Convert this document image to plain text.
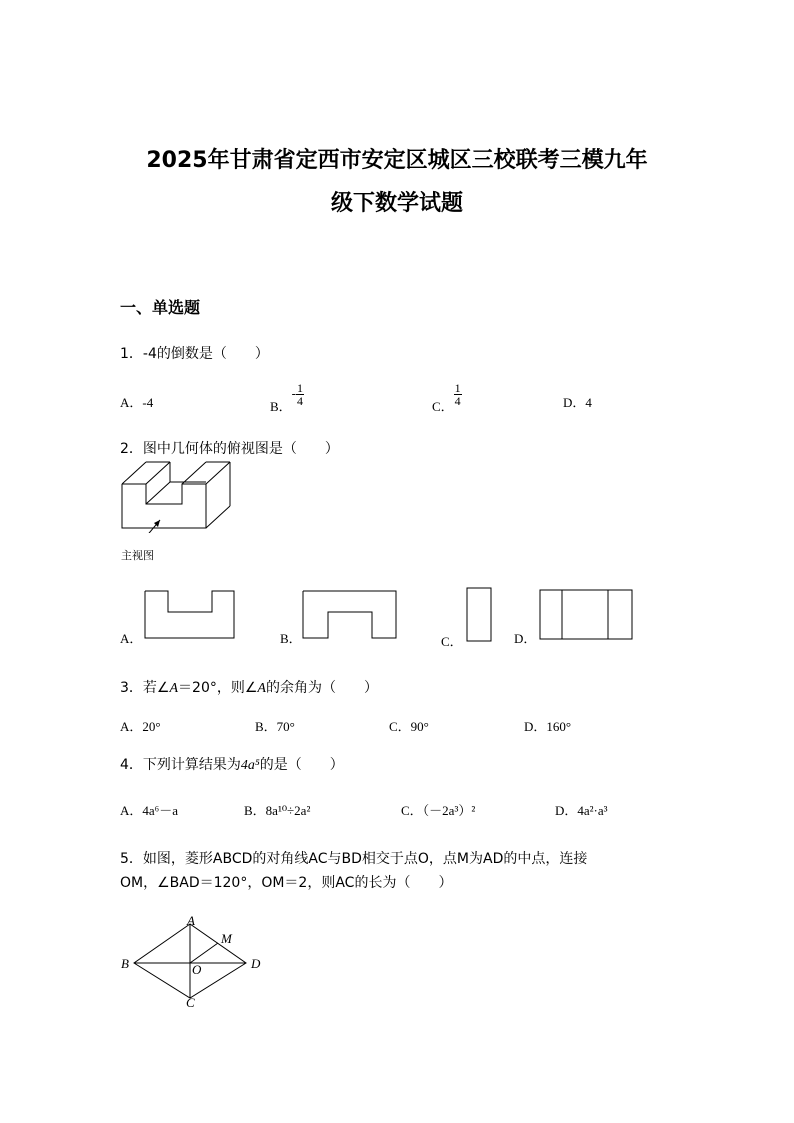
2025年甘肃省定西市安定区城区三校联考三模九年
级下数学试题
一、单选题
1．-4的倒数是（　　）
A．-4	B．- $\frac{1}{4}$	C． $\frac{1}{4}$	D．4
2．图中几何体的俯视图是（　　）
主视图
A．	B．	C．	D．
3．若∠A＝20°，则∠A的余角为（　　）
A．20°	B．70°	C．90°	D．160°
4．下列计算结果为4a⁵的是（　　）
A．4a⁶－a	B．8a¹⁰÷2a²	C．（－2a³）²	D．4a²·a³
5．如图，菱形ABCD的对角线AC与BD相交于点O，点M为AD的中点，连接
OM，∠BAD＝120°，OM＝2，则AC的长为（　　）
A
B
C
D
O
M
